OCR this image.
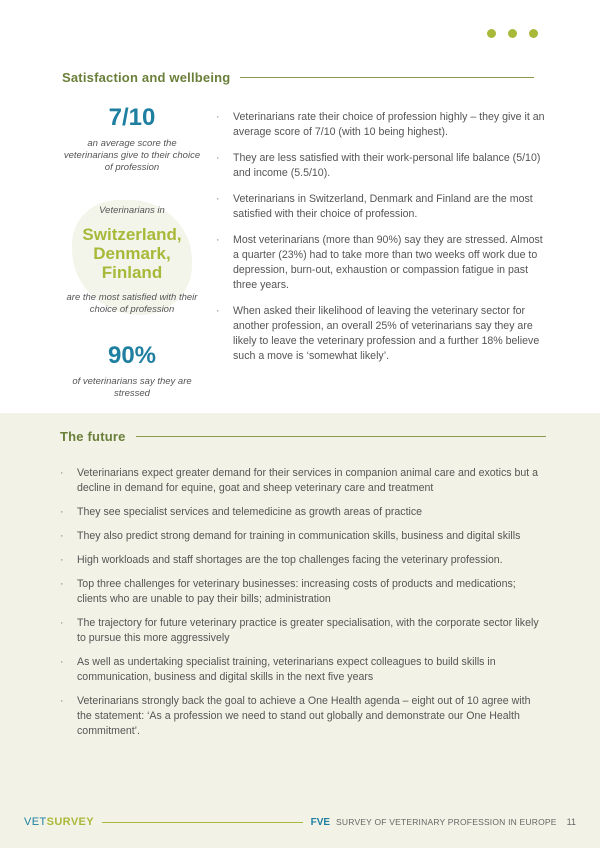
Satisfaction and wellbeing
7/10
an average score the veterinarians give to their choice of profession
Veterinarians in
Switzerland,
Denmark,
Finland
are the most satisfied with their choice of profession
90%
of veterinarians say they are stressed
· Veterinarians rate their choice of profession highly – they give it an average score of 7/10 (with 10 being highest).
· They are less satisfied with their work-personal life balance (5/10) and income (5.5/10).
· Veterinarians in Switzerland, Denmark and Finland are the most satisfied with their choice of profession.
· Most veterinarians (more than 90%) say they are stressed. Almost a quarter (23%) had to take more than two weeks off work due to depression, burn-out, exhaustion or compassion fatigue in past three years.
· When asked their likelihood of leaving the veterinary sector for another profession, an overall 25% of veterinarians say they are likely to leave the veterinary profession and a further 18% believe such a move is ‘somewhat likely’.
The future
· Veterinarians expect greater demand for their services in companion animal care and exotics but a decline in demand for equine, goat and sheep veterinary care and treatment
· They see specialist services and telemedicine as growth areas of practice
· They also predict strong demand for training in communication skills, business and digital skills
· High workloads and staff shortages are the top challenges facing the veterinary profession.
· Top three challenges for veterinary businesses: increasing costs of products and medications; clients who are unable to pay their bills; administration
· The trajectory for future veterinary practice is greater specialisation, with the corporate sector likely to pursue this more aggressively
· As well as undertaking specialist training, veterinarians expect colleagues to build skills in communication, business and digital skills in the next five years
· Veterinarians strongly back the goal to achieve a One Health agenda – eight out of 10 agree with the statement: ‘As a profession we need to stand out globally and demonstrate our One Health commitment’.
VETSURVEY	FVE SURVEY OF VETERINARY PROFESSION IN EUROPE 11
